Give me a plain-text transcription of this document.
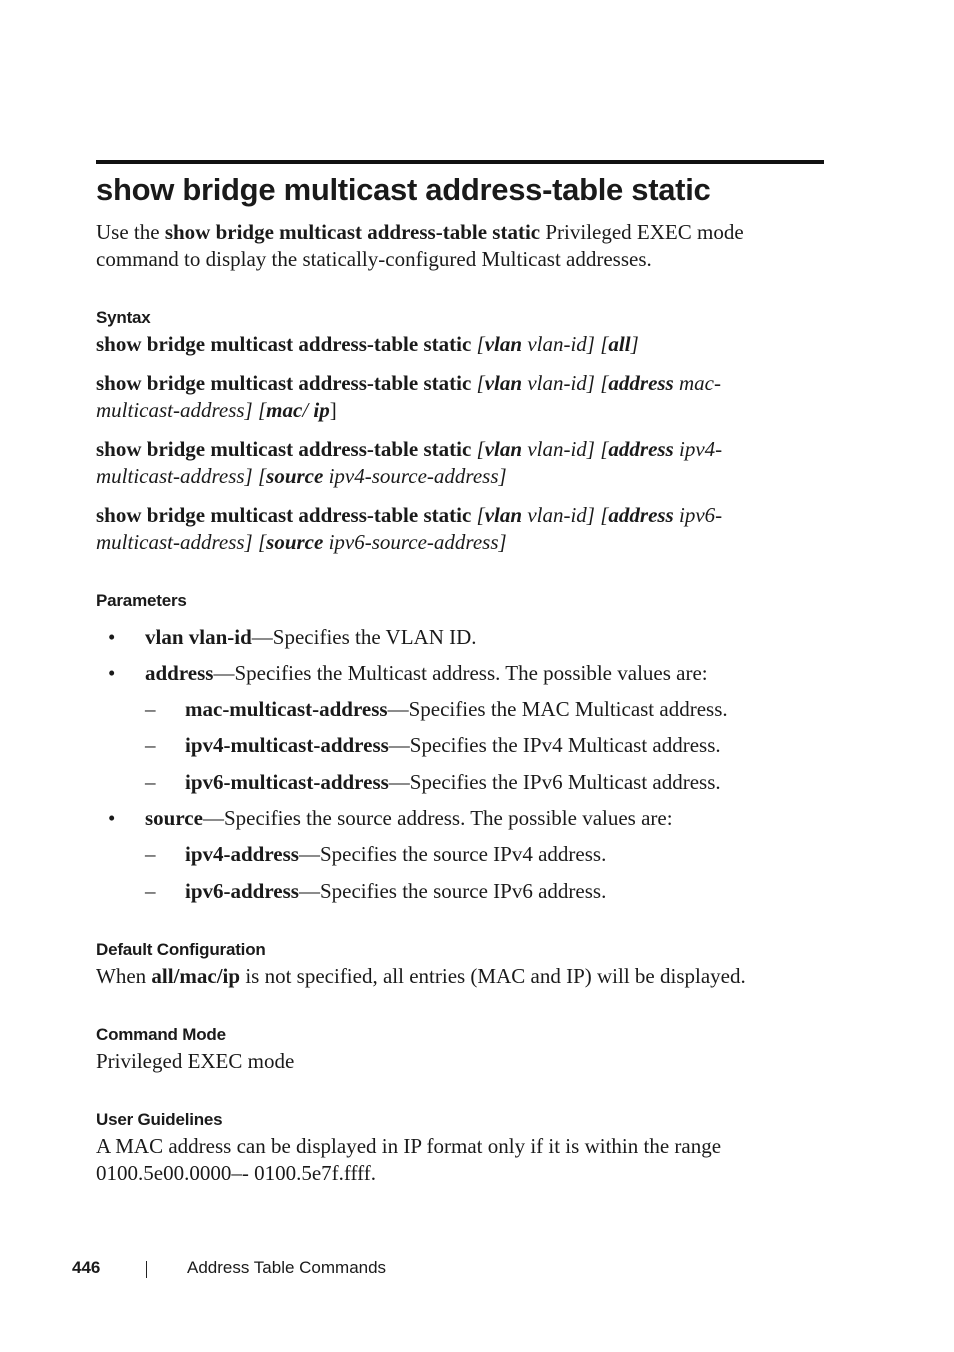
show bridge multicast address-table static
Use the show bridge multicast address-table static Privileged EXEC mode
command to display the statically-configured Multicast addresses.
Syntax
show bridge multicast address-table static [vlan vlan-id] [all]
show bridge multicast address-table static [vlan vlan-id] [address mac-
multicast-address] [mac/ ip]
show bridge multicast address-table static [vlan vlan-id] [address ipv4-
multicast-address] [source ipv4-source-address]
show bridge multicast address-table static [vlan vlan-id] [address ipv6-
multicast-address] [source ipv6-source-address]
Parameters
• vlan vlan-id—Specifies the VLAN ID.
• address—Specifies the Multicast address. The possible values are:
– mac-multicast-address—Specifies the MAC Multicast address.
– ipv4-multicast-address—Specifies the IPv4 Multicast address.
– ipv6-multicast-address—Specifies the IPv6 Multicast address.
• source—Specifies the source address. The possible values are:
– ipv4-address—Specifies the source IPv4 address.
– ipv6-address—Specifies the source IPv6 address.
Default Configuration
When all/mac/ip is not specified, all entries (MAC and IP) will be displayed.
Command Mode
Privileged EXEC mode
User Guidelines
A MAC address can be displayed in IP format only if it is within the range
0100.5e00.0000–- 0100.5e7f.ffff.
446	Address Table Commands
